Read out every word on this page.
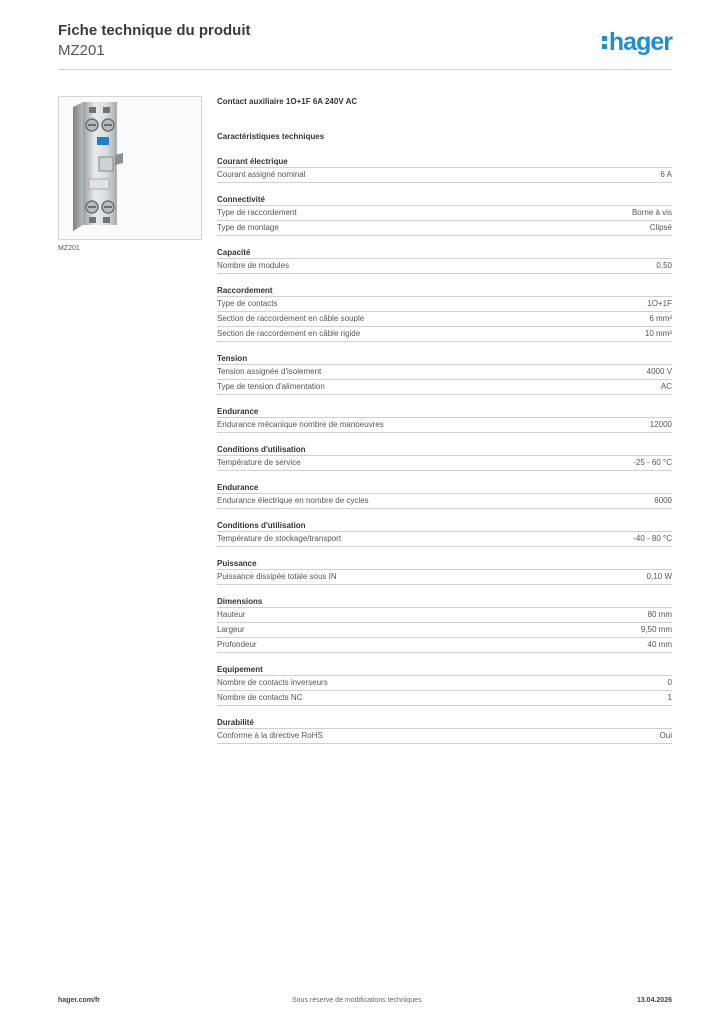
Fiche technique du produit
MZ201	hager
MZ201
Contact auxiliaire 1O+1F 6A 240V AC
Caractéristiques techniques
Courant électrique
Courant assigné nominal	6 A
Connectivité
Type de raccordement	Borne à vis
Type de montage	Clipsé
Capacité
Nombre de modules	0,50
Raccordement
Type de contacts	1O+1F
Section de raccordement en câble souple	6 mm²
Section de raccordement en câble rigide	10 mm²
Tension
Tension assignée d'isolement	4000 V
Type de tension d'alimentation	AC
Endurance
Endurance mécanique nombre de manoeuvres	12000
Conditions d'utilisation
Température de service	-25 - 60 °C
Endurance
Endurance électrique en nombre de cycles	6000
Conditions d'utilisation
Température de stockage/transport	-40 - 80 °C
Puissance
Puissance dissipée totale sous IN	0,10 W
Dimensions
Hauteur	80 mm
Largeur	9,50 mm
Profondeur	40 mm
Equipement
Nombre de contacts inverseurs	0
Nombre de contacts NC	1
Durabilité
Conforme à la directive RoHS	Oui
hager.com/fr	Sous réserve de modifications techniques	13.04.2026
